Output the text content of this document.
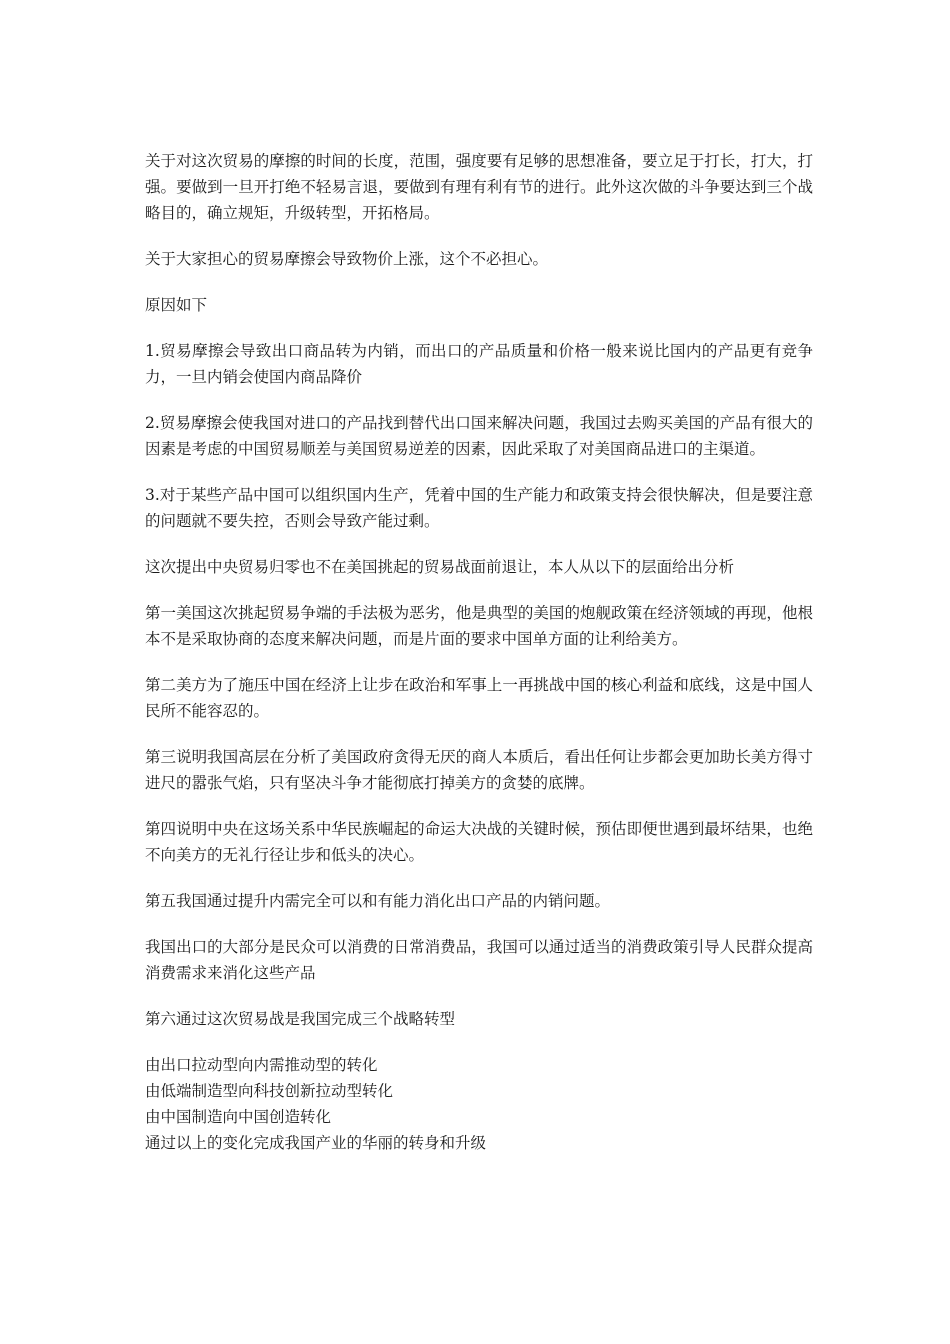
关于对这次贸易的摩擦的时间的长度，范围，强度要有足够的思想准备，要立足于打长，打大，打强。要做到一旦开打绝不轻易言退，要做到有理有利有节的进行。此外这次做的斗争要达到三个战略目的，确立规矩，升级转型，开拓格局。

关于大家担心的贸易摩擦会导致物价上涨，这个不必担心。

原因如下

1.贸易摩擦会导致出口商品转为内销，而出口的产品质量和价格一般来说比国内的产品更有竞争力，一旦内销会使国内商品降价

2.贸易摩擦会使我国对进口的产品找到替代出口国来解决问题，我国过去购买美国的产品有很大的因素是考虑的中国贸易顺差与美国贸易逆差的因素，因此采取了对美国商品进口的主渠道。

3.对于某些产品中国可以组织国内生产，凭着中国的生产能力和政策支持会很快解决，但是要注意的问题就不要失控，否则会导致产能过剩。

这次提出中央贸易归零也不在美国挑起的贸易战面前退让，本人从以下的层面给出分析

第一美国这次挑起贸易争端的手法极为恶劣，他是典型的美国的炮舰政策在经济领域的再现，他根本不是采取协商的态度来解决问题，而是片面的要求中国单方面的让利给美方。

第二美方为了施压中国在经济上让步在政治和军事上一再挑战中国的核心利益和底线，这是中国人民所不能容忍的。

第三说明我国高层在分析了美国政府贪得无厌的商人本质后，看出任何让步都会更加助长美方得寸进尺的嚣张气焰，只有坚决斗争才能彻底打掉美方的贪婪的底牌。

第四说明中央在这场关系中华民族崛起的命运大决战的关键时候，预估即便世遇到最坏结果，也绝不向美方的无礼行径让步和低头的决心。

第五我国通过提升内需完全可以和有能力消化出口产品的内销问题。

我国出口的大部分是民众可以消费的日常消费品，我国可以通过适当的消费政策引导人民群众提高消费需求来消化这些产品

第六通过这次贸易战是我国完成三个战略转型

由出口拉动型向内需推动型的转化
由低端制造型向科技创新拉动型转化
由中国制造向中国创造转化
通过以上的变化完成我国产业的华丽的转身和升级
